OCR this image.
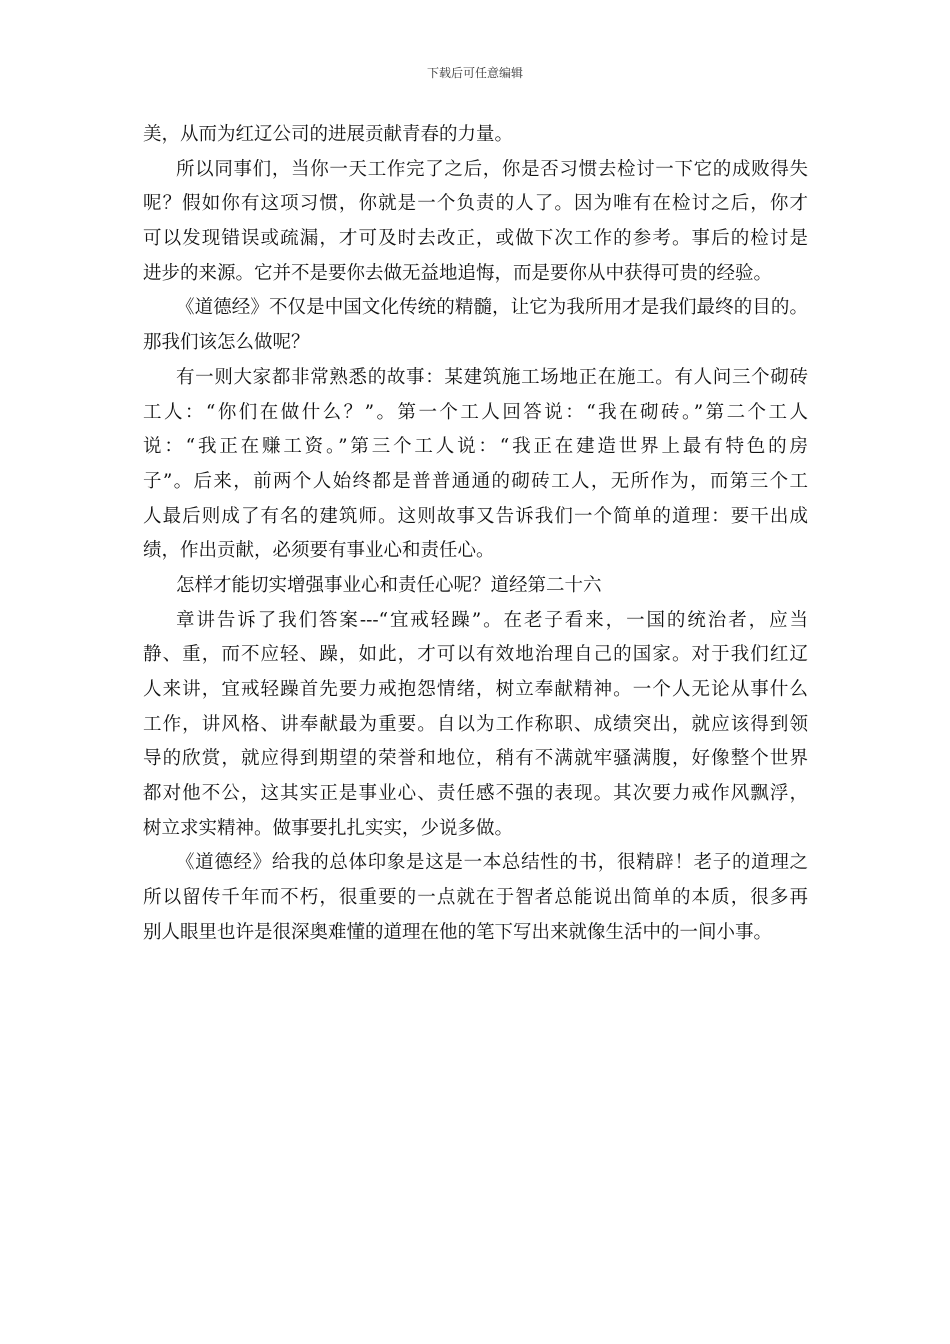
下载后可任意编辑
美，从而为红辽公司的进展贡献青春的力量。
所以同事们，当你一天工作完了之后，你是否习惯去检讨一下它的成败得失
呢？假如你有这项习惯，你就是一个负责的人了。因为唯有在检讨之后，你才
可以发现错误或疏漏，才可及时去改正，或做下次工作的参考。事后的检讨是
进步的来源。它并不是要你去做无益地追悔，而是要你从中获得可贵的经验。
《道德经》不仅是中国文化传统的精髓，让它为我所用才是我们最终的目的。
那我们该怎么做呢？
有一则大家都非常熟悉的故事：某建筑施工场地正在施工。有人问三个砌砖
工人：“你们在做什么？”。第一个工人回答说：“我在砌砖。”第二个工人
说：“我正在赚工资。”第三个工人说：“我正在建造世界上最有特色的房
子”。后来，前两个人始终都是普普通通的砌砖工人，无所作为，而第三个工
人最后则成了有名的建筑师。这则故事又告诉我们一个简单的道理：要干出成
绩，作出贡献，必须要有事业心和责任心。
怎样才能切实增强事业心和责任心呢？道经第二十六
章讲告诉了我们答案---“宜戒轻躁”。在老子看来，一国的统治者，应当
静、重，而不应轻、躁，如此，才可以有效地治理自己的国家。对于我们红辽
人来讲，宜戒轻躁首先要力戒抱怨情绪，树立奉献精神。一个人无论从事什么
工作，讲风格、讲奉献最为重要。自以为工作称职、成绩突出，就应该得到领
导的欣赏，就应得到期望的荣誉和地位，稍有不满就牢骚满腹，好像整个世界
都对他不公，这其实正是事业心、责任感不强的表现。其次要力戒作风飘浮，
树立求实精神。做事要扎扎实实，少说多做。
《道德经》给我的总体印象是这是一本总结性的书，很精辟！老子的道理之
所以留传千年而不朽，很重要的一点就在于智者总能说出简单的本质，很多再
别人眼里也许是很深奥难懂的道理在他的笔下写出来就像生活中的一间小事。
